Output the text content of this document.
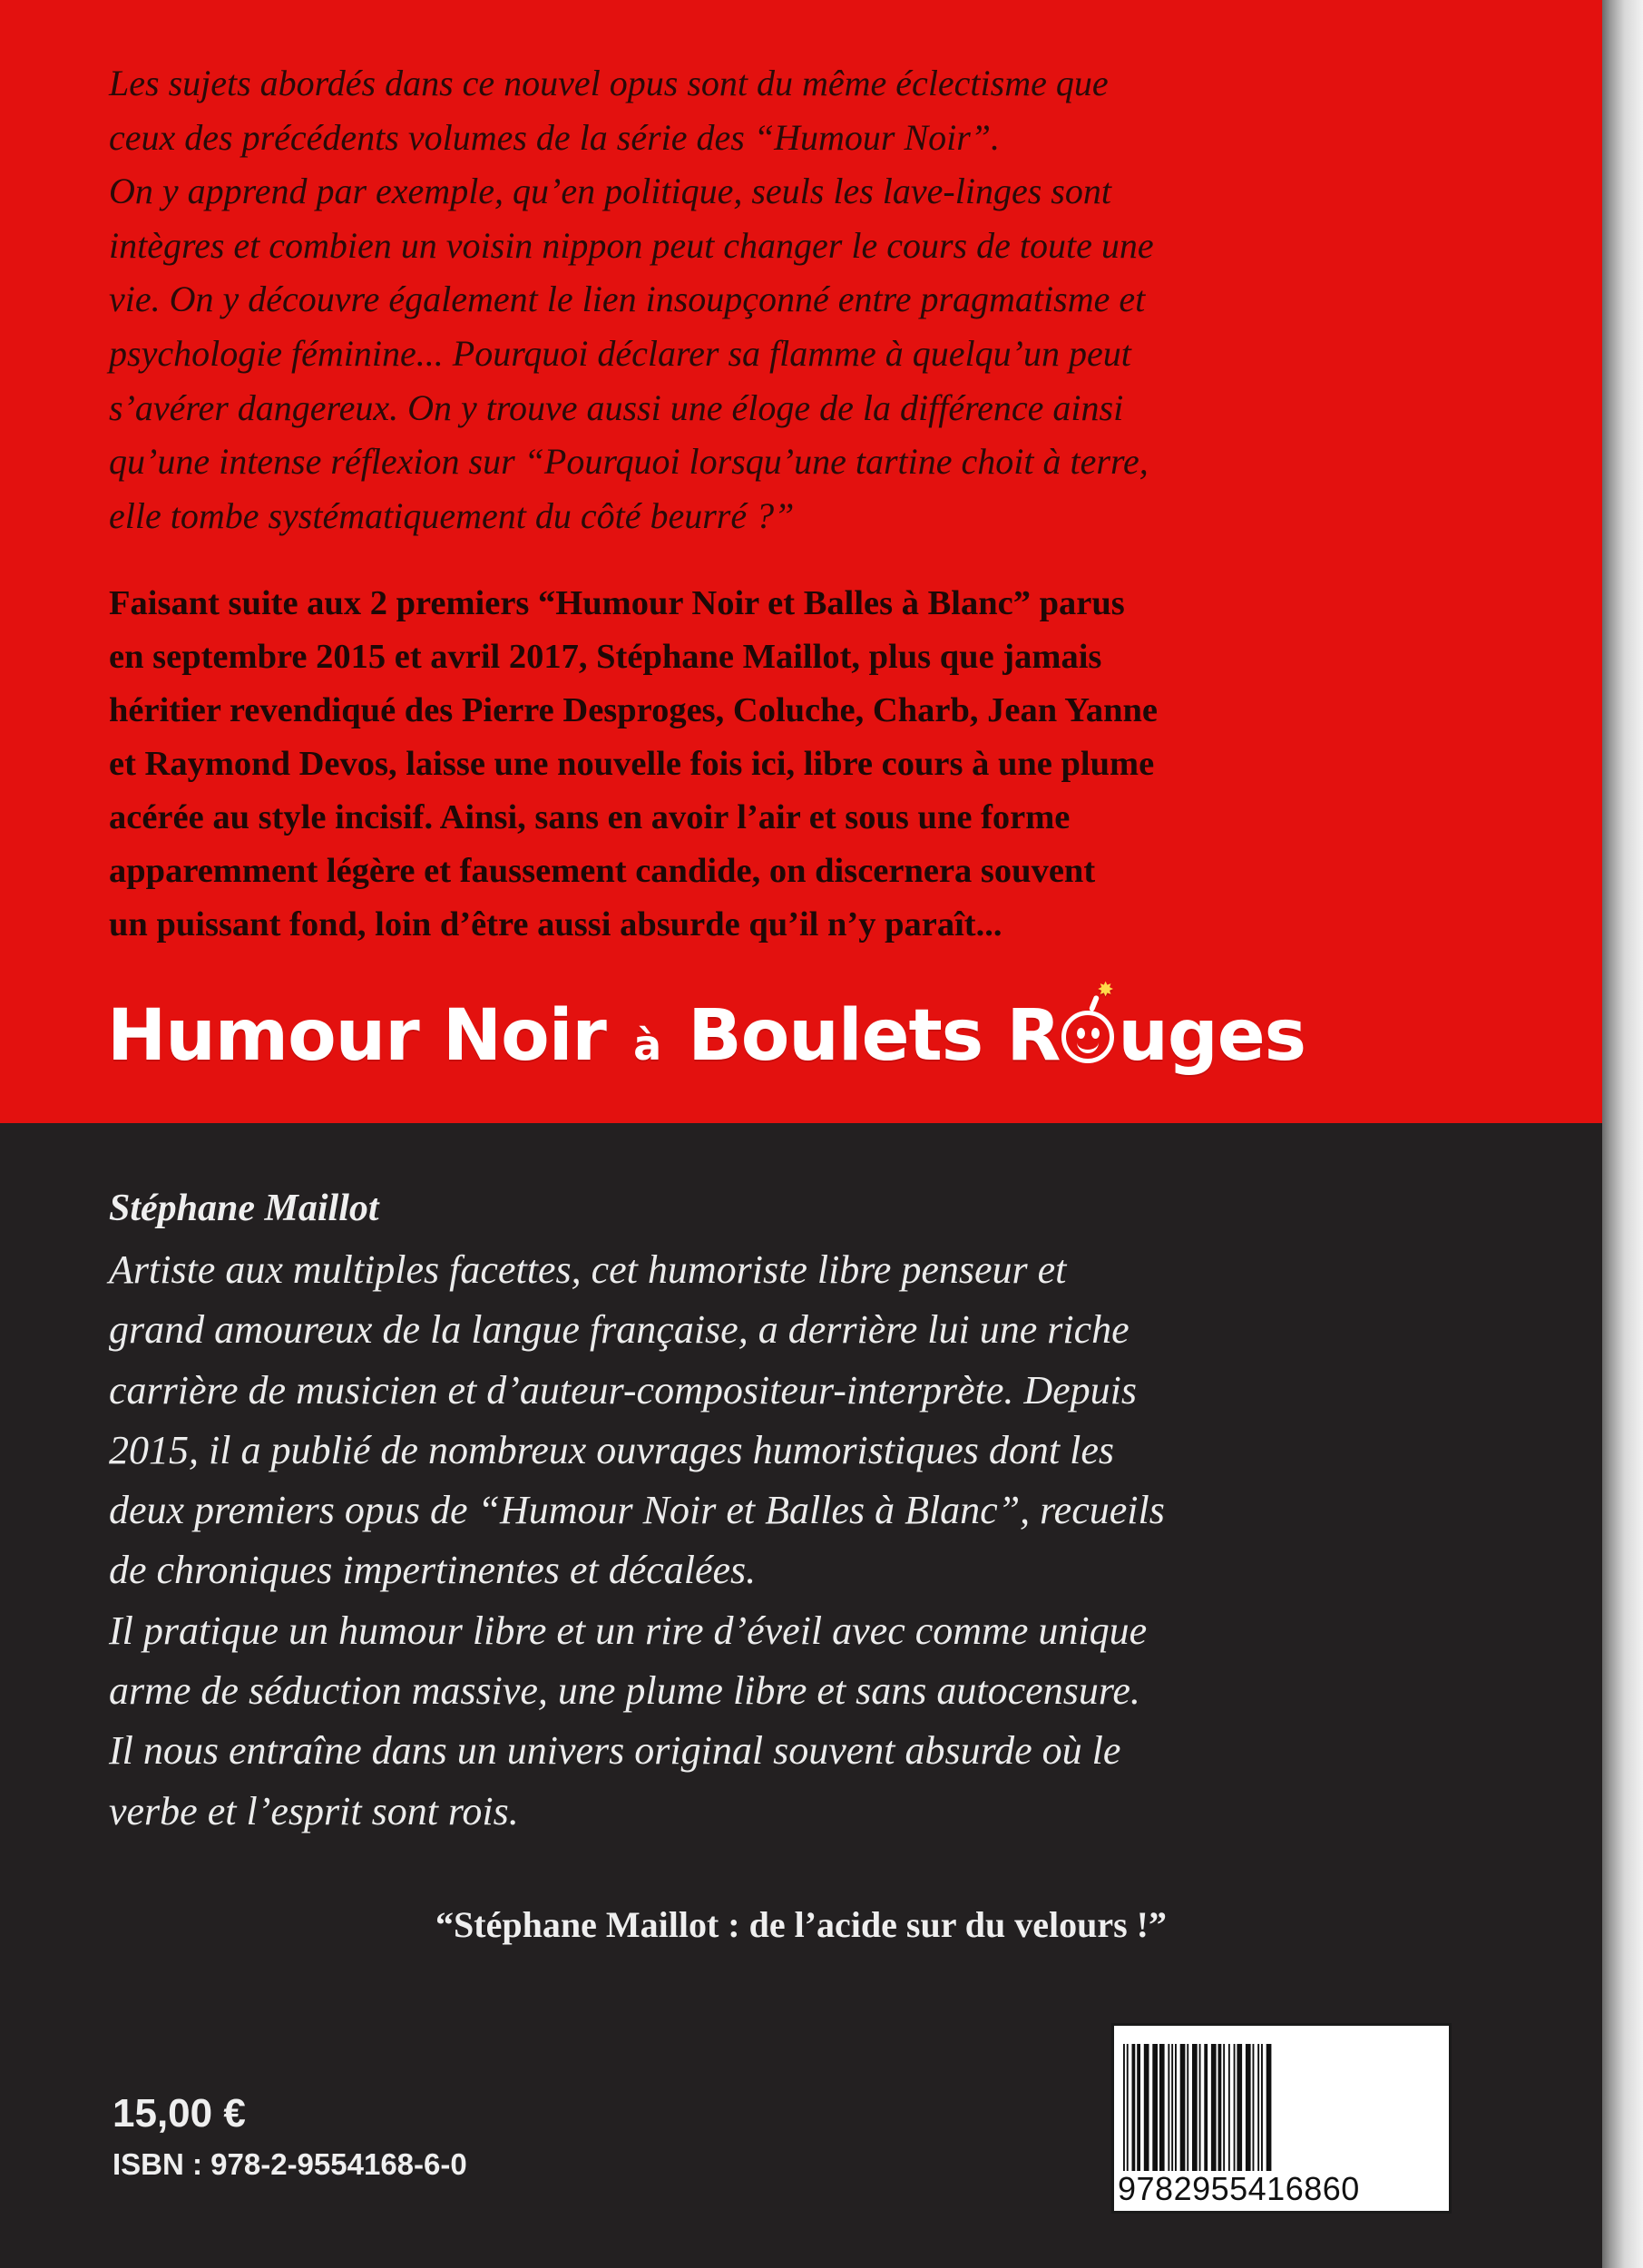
Les sujets abordés dans ce nouvel opus sont du même éclectisme que
ceux des précédents volumes de la série des “Humour Noir”.
On y apprend par exemple, qu’en politique, seuls les lave-linges sont
intègres et combien un voisin nippon peut changer le cours de toute une
vie. On y découvre également le lien insoupçonné entre pragmatisme et
psychologie féminine... Pourquoi déclarer sa flamme à quelqu’un peut
s’avérer dangereux. On y trouve aussi une éloge de la différence ainsi
qu’une intense réflexion sur “Pourquoi lorsqu’une tartine choit à terre,
elle tombe systématiquement du côté beurré ?”

Faisant suite aux 2 premiers “Humour Noir et Balles à Blanc” parus
en septembre 2015 et avril 2017, Stéphane Maillot, plus que jamais
héritier revendiqué des Pierre Desproges, Coluche, Charb, Jean Yanne
et Raymond Devos, laisse une nouvelle fois ici, libre cours à une plume
acérée au style incisif. Ainsi, sans en avoir l’air et sous une forme
apparemment légère et faussement candide, on discernera souvent
un puissant fond, loin d’être aussi absurde qu’il n’y paraît...

Humour Noir à Boulets R
✸
uges

Stéphane Maillot

Artiste aux multiples facettes, cet humoriste libre penseur et
grand amoureux de la langue française, a derrière lui une riche
carrière de musicien et d’auteur-compositeur-interprète. Depuis
2015, il a publié de nombreux ouvrages humoristiques dont les
deux premiers opus de “Humour Noir et Balles à Blanc”, recueils
de chroniques impertinentes et décalées.
Il pratique un humour libre et un rire d’éveil avec comme unique
arme de séduction massive, une plume libre et sans autocensure.
Il nous entraîne dans un univers original souvent absurde où le
verbe et l’esprit sont rois.

“Stéphane Maillot : de l’acide sur du velours !”

15,00 €

ISBN : 978-2-9554168-6-0

9782955416860
